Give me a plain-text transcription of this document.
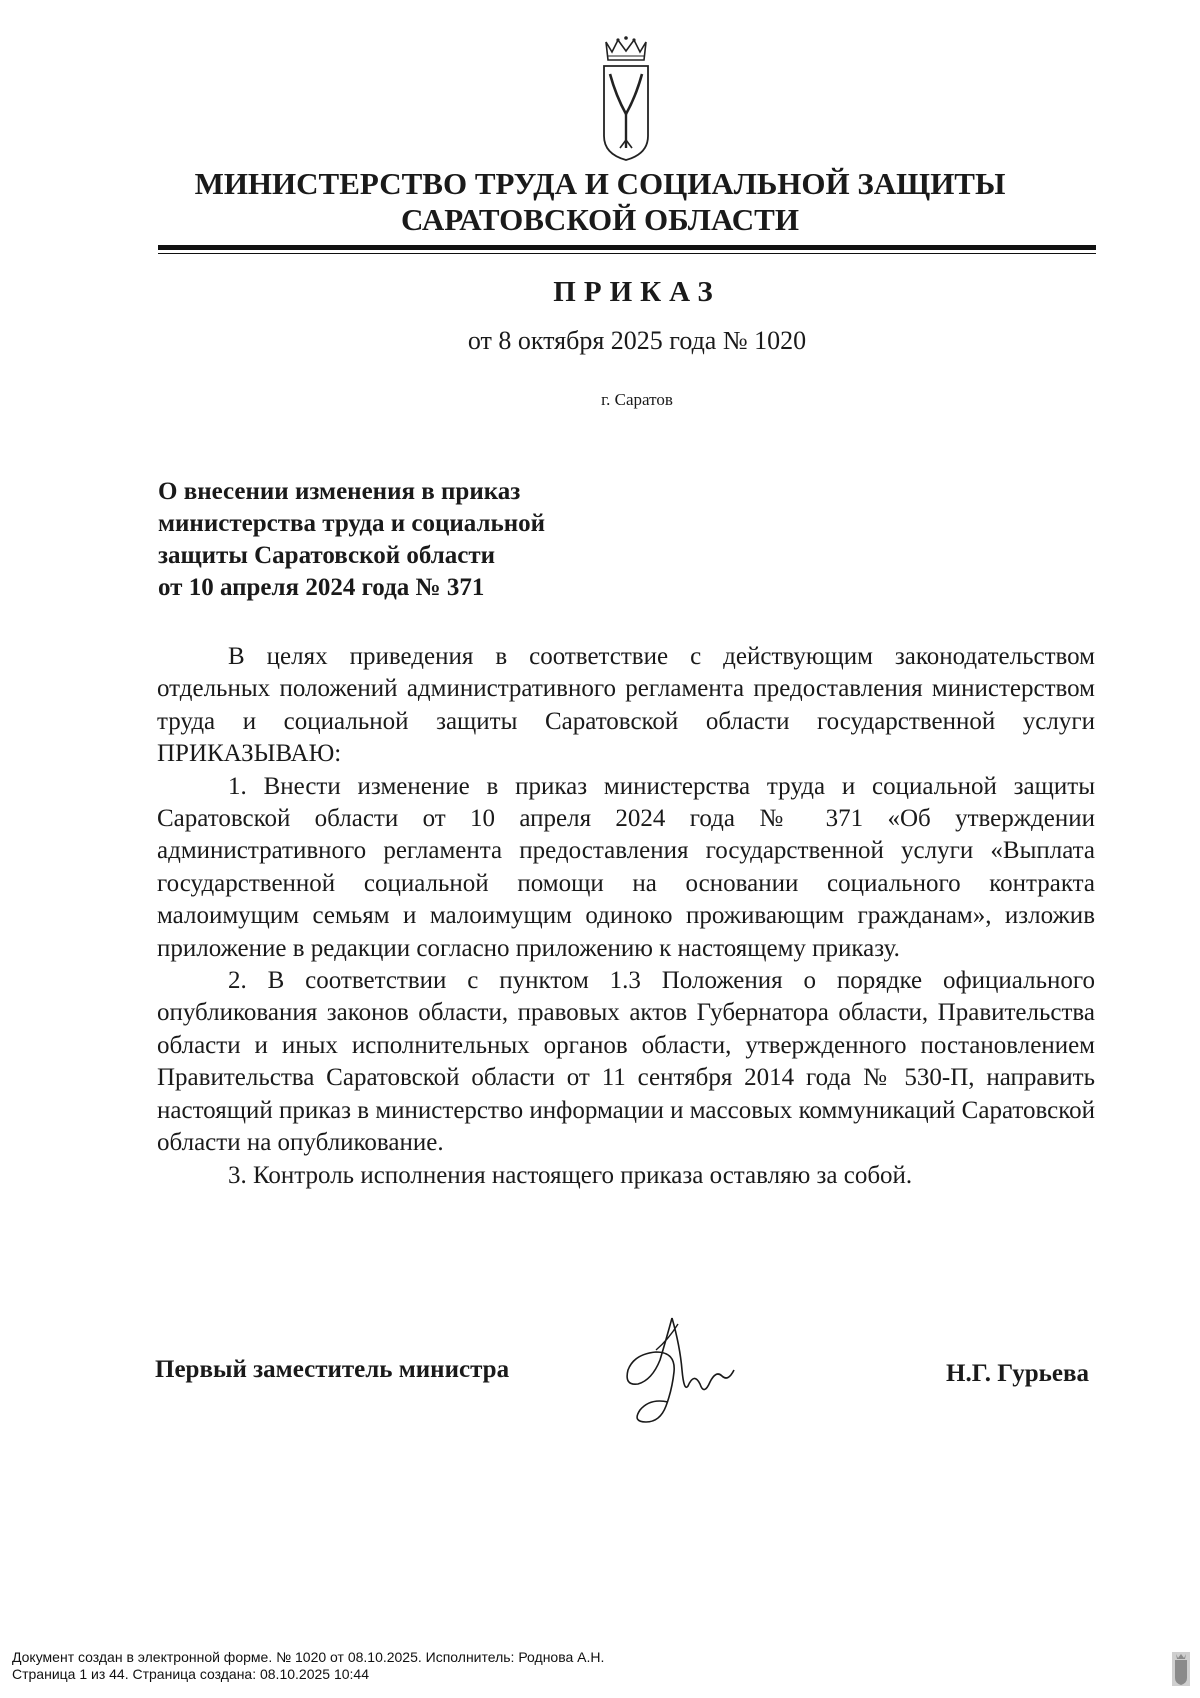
МИНИСТЕРСТВО ТРУДА И СОЦИАЛЬНОЙ ЗАЩИТЫ
САРАТОВСКОЙ ОБЛАСТИ
ПРИКАЗ
от 8 октября 2025 года № 1020
г. Саратов
О внесении изменения в приказ
министерства труда и социальной
защиты Саратовской области
от 10 апреля 2024 года № 371

В целях приведения в соответствие с действующим законодательством отдельных положений административного регламента предоставления министерством труда и социальной защиты Саратовской области государственной услуги ПРИКАЗЫВАЮ:

1. Внести изменение в приказ министерства труда и социальной защиты Саратовской области от 10 апреля 2024 года № 371 «Об утверждении административного регламента предоставления государственной услуги «Выплата государственной социальной помощи на основании социального контракта малоимущим семьям и малоимущим одиноко проживающим гражданам», изложив приложение в редакции согласно приложению к настоящему приказу.

2. В соответствии с пунктом 1.3 Положения о порядке официального опубликования законов области, правовых актов Губернатора области, Правительства области и иных исполнительных органов области, утвержденного постановлением Правительства Саратовской области от 11 сентября 2014 года № 530-П, направить настоящий приказ в министерство информации и массовых коммуникаций Саратовской области на опубликование.

3. Контроль исполнения настоящего приказа оставляю за собой.

Первый заместитель министра	Н.Г. Гурьева
Документ создан в электронной форме. № 1020 от 08.10.2025. Исполнитель: Роднова А.Н.
Страница 1 из 44. Страница создана: 08.10.2025 10:44
